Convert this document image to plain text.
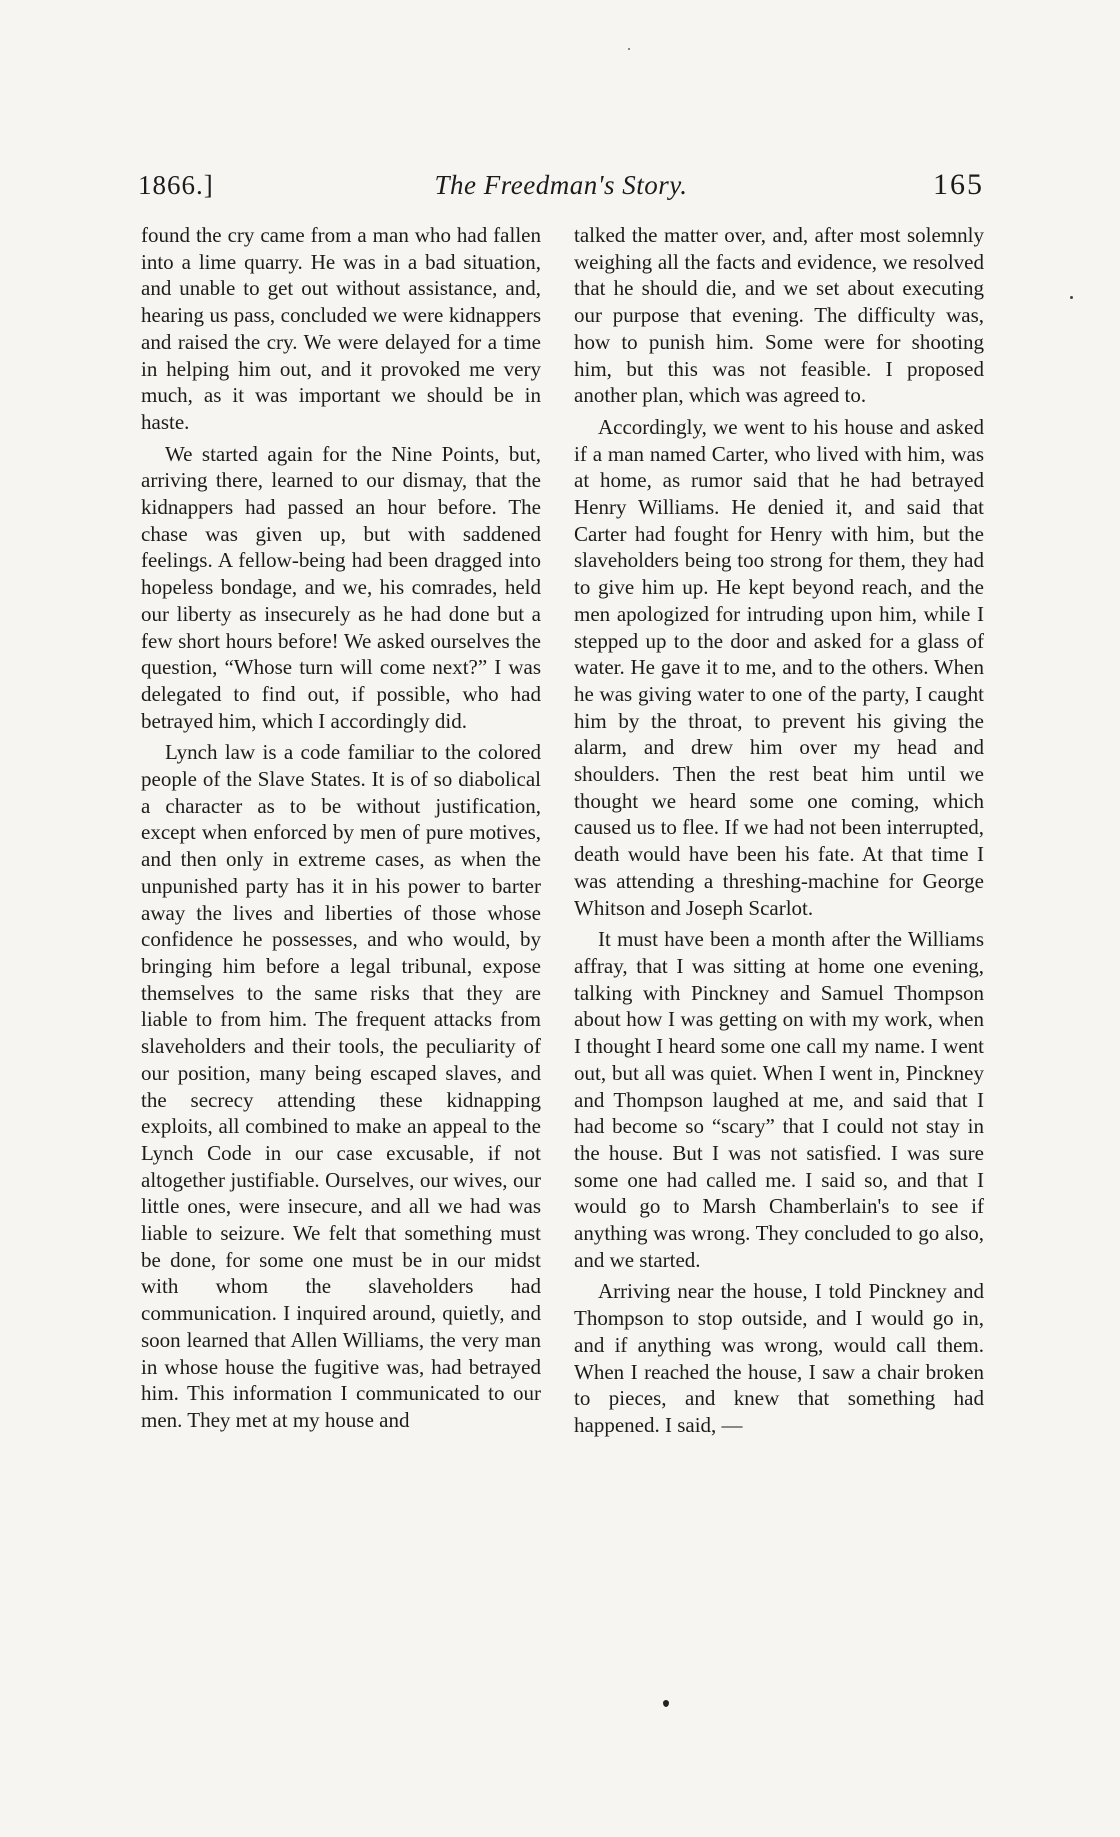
1866.]	The Freedman's Story.	165

found the cry came from a man who had fallen into a lime quarry. He was in a bad situation, and unable to get out without assistance, and, hearing us pass, concluded we were kidnappers and raised the cry. We were delayed for a time in helping him out, and it provoked me very much, as it was important we should be in haste.

We started again for the Nine Points, but, arriving there, learned to our dismay, that the kidnappers had passed an hour before. The chase was given up, but with saddened feelings. A fellow-being had been dragged into hopeless bondage, and we, his comrades, held our liberty as insecurely as he had done but a few short hours before! We asked ourselves the question, “Whose turn will come next?” I was delegated to find out, if possible, who had betrayed him, which I accordingly did.

Lynch law is a code familiar to the colored people of the Slave States. It is of so diabolical a character as to be without justification, except when enforced by men of pure motives, and then only in extreme cases, as when the unpunished party has it in his power to barter away the lives and liberties of those whose confidence he possesses, and who would, by bringing him before a legal tribunal, expose themselves to the same risks that they are liable to from him. The frequent attacks from slaveholders and their tools, the peculiarity of our position, many being escaped slaves, and the secrecy attending these kidnapping exploits, all combined to make an appeal to the Lynch Code in our case excusable, if not altogether justifiable. Ourselves, our wives, our little ones, were insecure, and all we had was liable to seizure. We felt that something must be done, for some one must be in our midst with whom the slaveholders had communication. I inquired around, quietly, and soon learned that Allen Williams, the very man in whose house the fugitive was, had betrayed him. This information I communicated to our men. They met at my house and

talked the matter over, and, after most solemnly weighing all the facts and evidence, we resolved that he should die, and we set about executing our purpose that evening. The difficulty was, how to punish him. Some were for shooting him, but this was not feasible. I proposed another plan, which was agreed to.

Accordingly, we went to his house and asked if a man named Carter, who lived with him, was at home, as rumor said that he had betrayed Henry Williams. He denied it, and said that Carter had fought for Henry with him, but the slaveholders being too strong for them, they had to give him up. He kept beyond reach, and the men apologized for intruding upon him, while I stepped up to the door and asked for a glass of water. He gave it to me, and to the others. When he was giving water to one of the party, I caught him by the throat, to prevent his giving the alarm, and drew him over my head and shoulders. Then the rest beat him until we thought we heard some one coming, which caused us to flee. If we had not been interrupted, death would have been his fate. At that time I was attending a threshing-machine for George Whitson and Joseph Scarlot.

It must have been a month after the Williams affray, that I was sitting at home one evening, talking with Pinckney and Samuel Thompson about how I was getting on with my work, when I thought I heard some one call my name. I went out, but all was quiet. When I went in, Pinckney and Thompson laughed at me, and said that I had become so “scary” that I could not stay in the house. But I was not satisfied. I was sure some one had called me. I said so, and that I would go to Marsh Chamberlain's to see if anything was wrong. They concluded to go also, and we started.

Arriving near the house, I told Pinckney and Thompson to stop outside, and I would go in, and if anything was wrong, would call them. When I reached the house, I saw a chair broken to pieces, and knew that something had happened. I said, —
